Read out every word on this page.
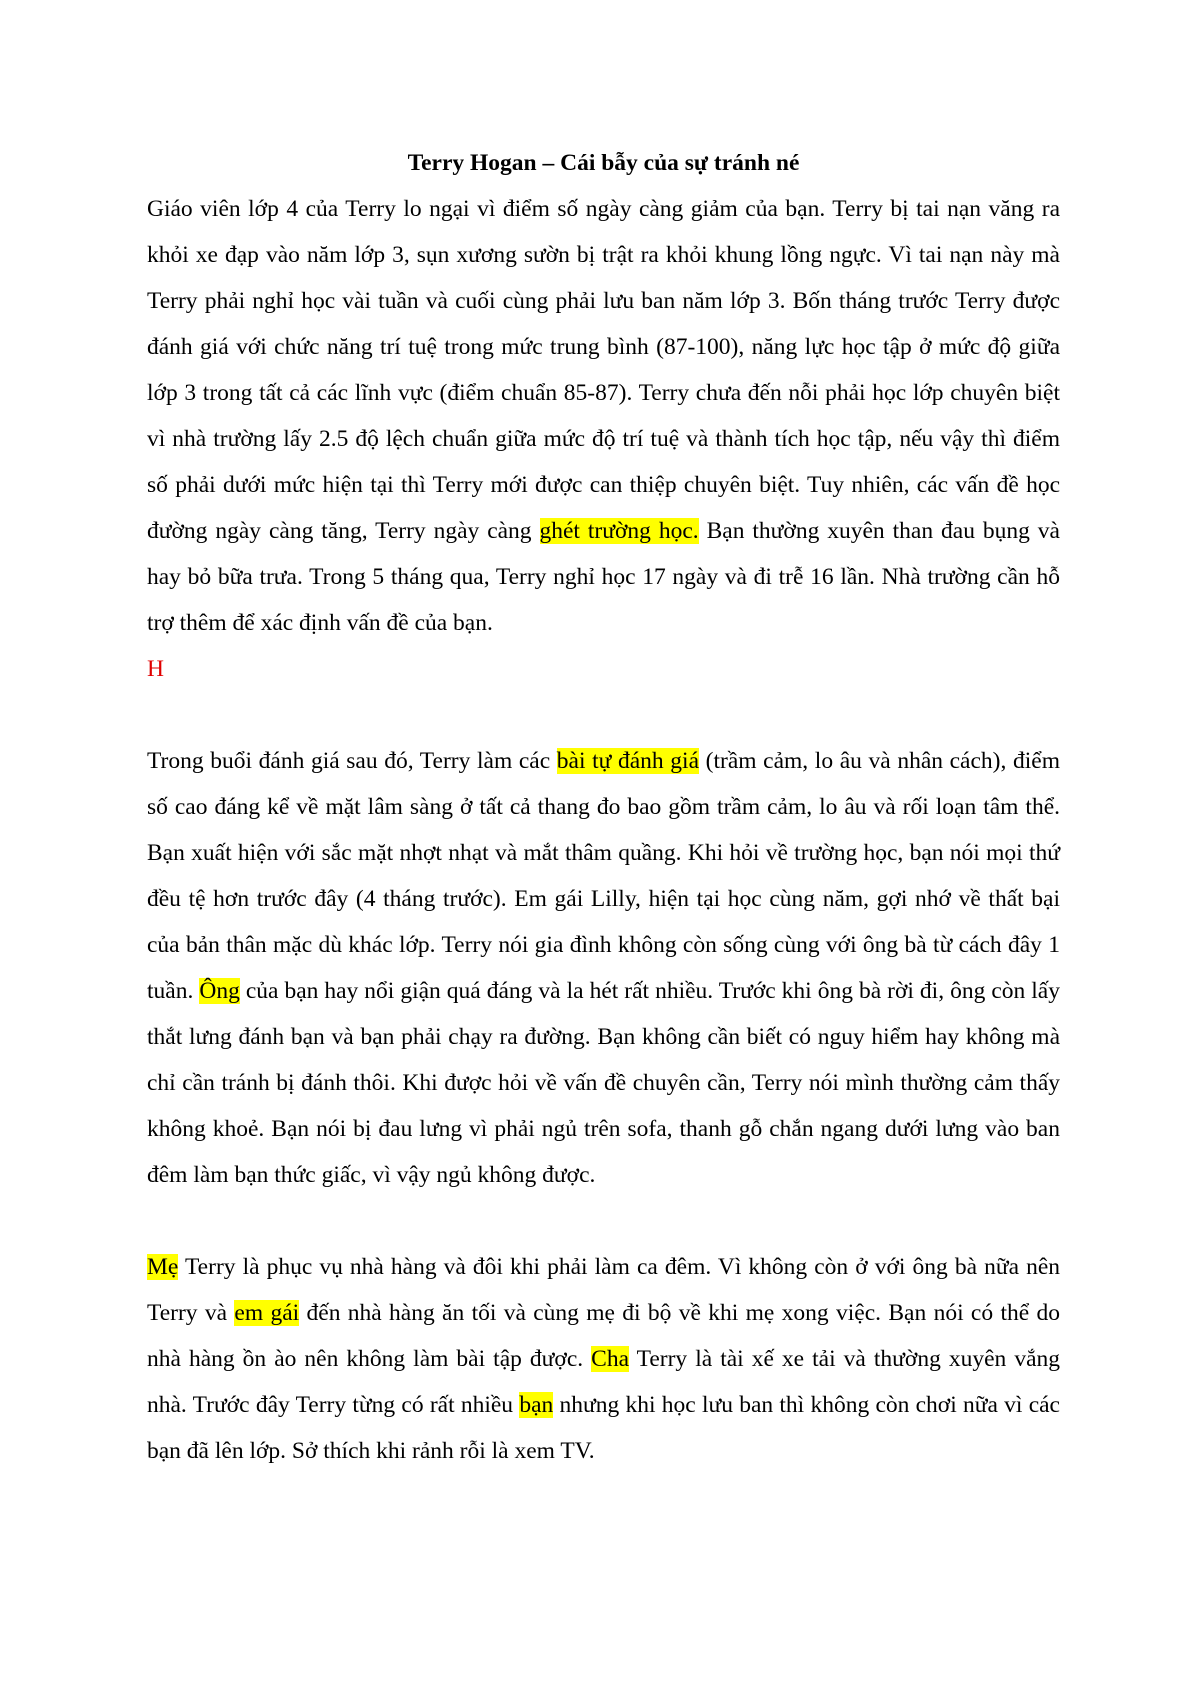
Terry Hogan – Cái bẫy của sự tránh né

Giáo viên lớp 4 của Terry lo ngại vì điểm số ngày càng giảm của bạn. Terry bị tai nạn văng ra khỏi xe đạp vào năm lớp 3, sụn xương sườn bị trật ra khỏi khung lồng ngực. Vì tai nạn này mà Terry phải nghỉ học vài tuần và cuối cùng phải lưu ban năm lớp 3. Bốn tháng trước Terry được đánh giá với chức năng trí tuệ trong mức trung bình (87-100), năng lực học tập ở mức độ giữa lớp 3 trong tất cả các lĩnh vực (điểm chuẩn 85-87). Terry chưa đến nỗi phải học lớp chuyên biệt vì nhà trường lấy 2.5 độ lệch chuẩn giữa mức độ trí tuệ và thành tích học tập, nếu vậy thì điểm số phải dưới mức hiện tại thì Terry mới được can thiệp chuyên biệt. Tuy nhiên, các vấn đề học đường ngày càng tăng, Terry ngày càng ghét trường học. Bạn thường xuyên than đau bụng và hay bỏ bữa trưa. Trong 5 tháng qua, Terry nghỉ học 17 ngày và đi trễ 16 lần. Nhà trường cần hỗ trợ thêm để xác định vấn đề của bạn.

H

Trong buổi đánh giá sau đó, Terry làm các bài tự đánh giá (trầm cảm, lo âu và nhân cách), điểm số cao đáng kể về mặt lâm sàng ở tất cả thang đo bao gồm trầm cảm, lo âu và rối loạn tâm thể. Bạn xuất hiện với sắc mặt nhợt nhạt và mắt thâm quầng. Khi hỏi về trường học, bạn nói mọi thứ đều tệ hơn trước đây (4 tháng trước). Em gái Lilly, hiện tại học cùng năm, gợi nhớ về thất bại của bản thân mặc dù khác lớp. Terry nói gia đình không còn sống cùng với ông bà từ cách đây 1 tuần. Ông của bạn hay nổi giận quá đáng và la hét rất nhiều. Trước khi ông bà rời đi, ông còn lấy thắt lưng đánh bạn và bạn phải chạy ra đường. Bạn không cần biết có nguy hiểm hay không mà chỉ cần tránh bị đánh thôi. Khi được hỏi về vấn đề chuyên cần, Terry nói mình thường cảm thấy không khoẻ. Bạn nói bị đau lưng vì phải ngủ trên sofa, thanh gỗ chắn ngang dưới lưng vào ban đêm làm bạn thức giấc, vì vậy ngủ không được.

Mẹ Terry là phục vụ nhà hàng và đôi khi phải làm ca đêm. Vì không còn ở với ông bà nữa nên Terry và em gái đến nhà hàng ăn tối và cùng mẹ đi bộ về khi mẹ xong việc. Bạn nói có thể do nhà hàng ồn ào nên không làm bài tập được. Cha Terry là tài xế xe tải và thường xuyên vắng nhà. Trước đây Terry từng có rất nhiều bạn nhưng khi học lưu ban thì không còn chơi nữa vì các bạn đã lên lớp. Sở thích khi rảnh rỗi là xem TV.
